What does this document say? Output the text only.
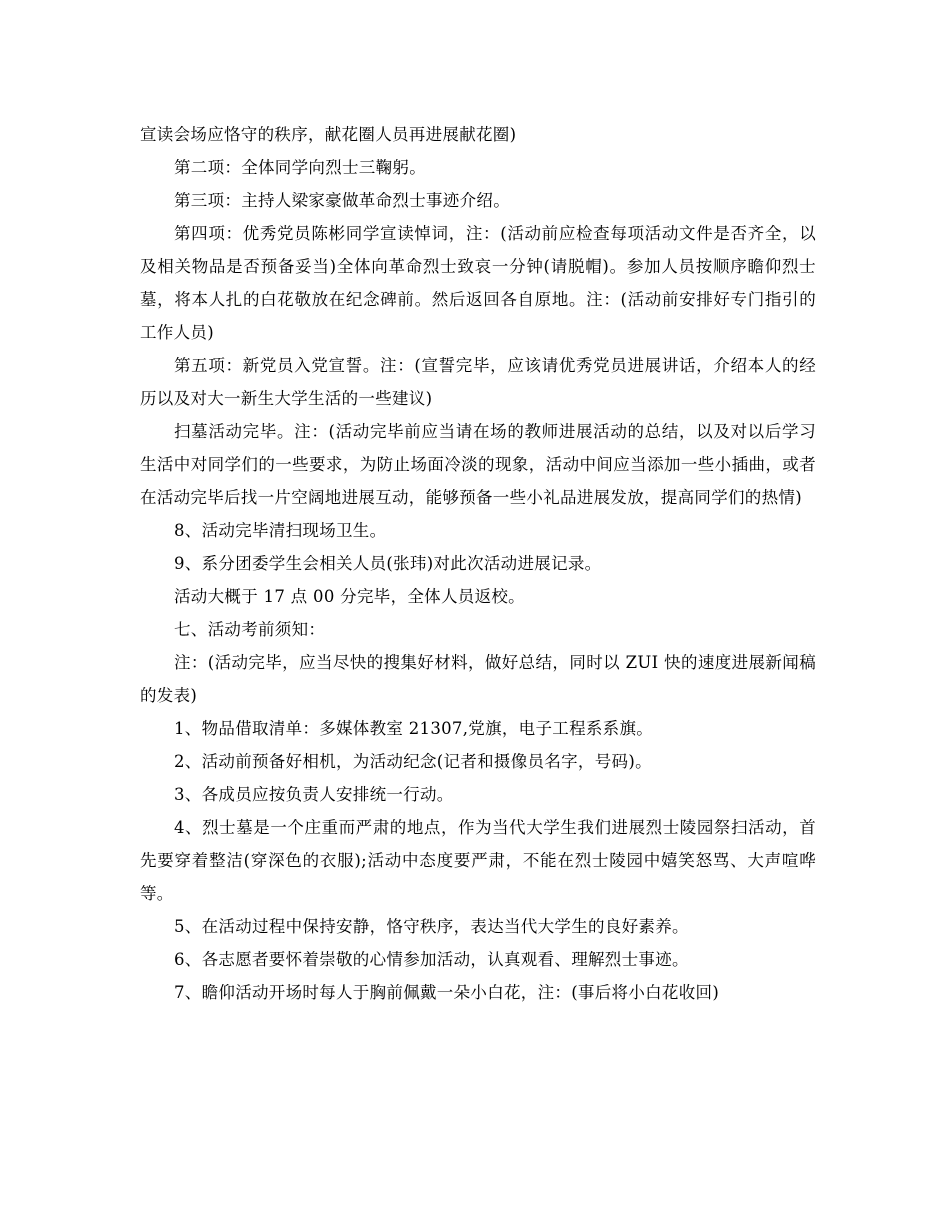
宣读会场应恪守的秩序，献花圈人员再进展献花圈)

第二项：全体同学向烈士三鞠躬。

第三项：主持人梁家豪做革命烈士事迹介绍。

第四项：优秀党员陈彬同学宣读悼词，注：(活动前应检查每项活动文件是否齐全，以及相关物品是否预备妥当)全体向革命烈士致哀一分钟(请脱帽)。参加人员按顺序瞻仰烈士墓，将本人扎的白花敬放在纪念碑前。然后返回各自原地。注：(活动前安排好专门指引的工作人员)

第五项：新党员入党宣誓。注：(宣誓完毕，应该请优秀党员进展讲话，介绍本人的经历以及对大一新生大学生活的一些建议)

扫墓活动完毕。注：(活动完毕前应当请在场的教师进展活动的总结，以及对以后学习生活中对同学们的一些要求，为防止场面冷淡的现象，活动中间应当添加一些小插曲，或者在活动完毕后找一片空阔地进展互动，能够预备一些小礼品进展发放，提高同学们的热情)

8、活动完毕清扫现场卫生。

9、系分团委学生会相关人员(张玮)对此次活动进展记录。

活动大概于 17 点 00 分完毕，全体人员返校。

七、活动考前须知：

注：(活动完毕，应当尽快的搜集好材料，做好总结，同时以 ZUI 快的速度进展新闻稿的发表)

1、物品借取清单：多媒体教室 21307,党旗，电子工程系系旗。

2、活动前预备好相机，为活动纪念(记者和摄像员名字，号码)。

3、各成员应按负责人安排统一行动。

4、烈士墓是一个庄重而严肃的地点，作为当代大学生我们进展烈士陵园祭扫活动，首先要穿着整洁(穿深色的衣服);活动中态度要严肃，不能在烈士陵园中嬉笑怒骂、大声喧哗等。

5、在活动过程中保持安静，恪守秩序，表达当代大学生的良好素养。

6、各志愿者要怀着崇敬的心情参加活动，认真观看、理解烈士事迹。

7、瞻仰活动开场时每人于胸前佩戴一朵小白花，注：(事后将小白花收回)
